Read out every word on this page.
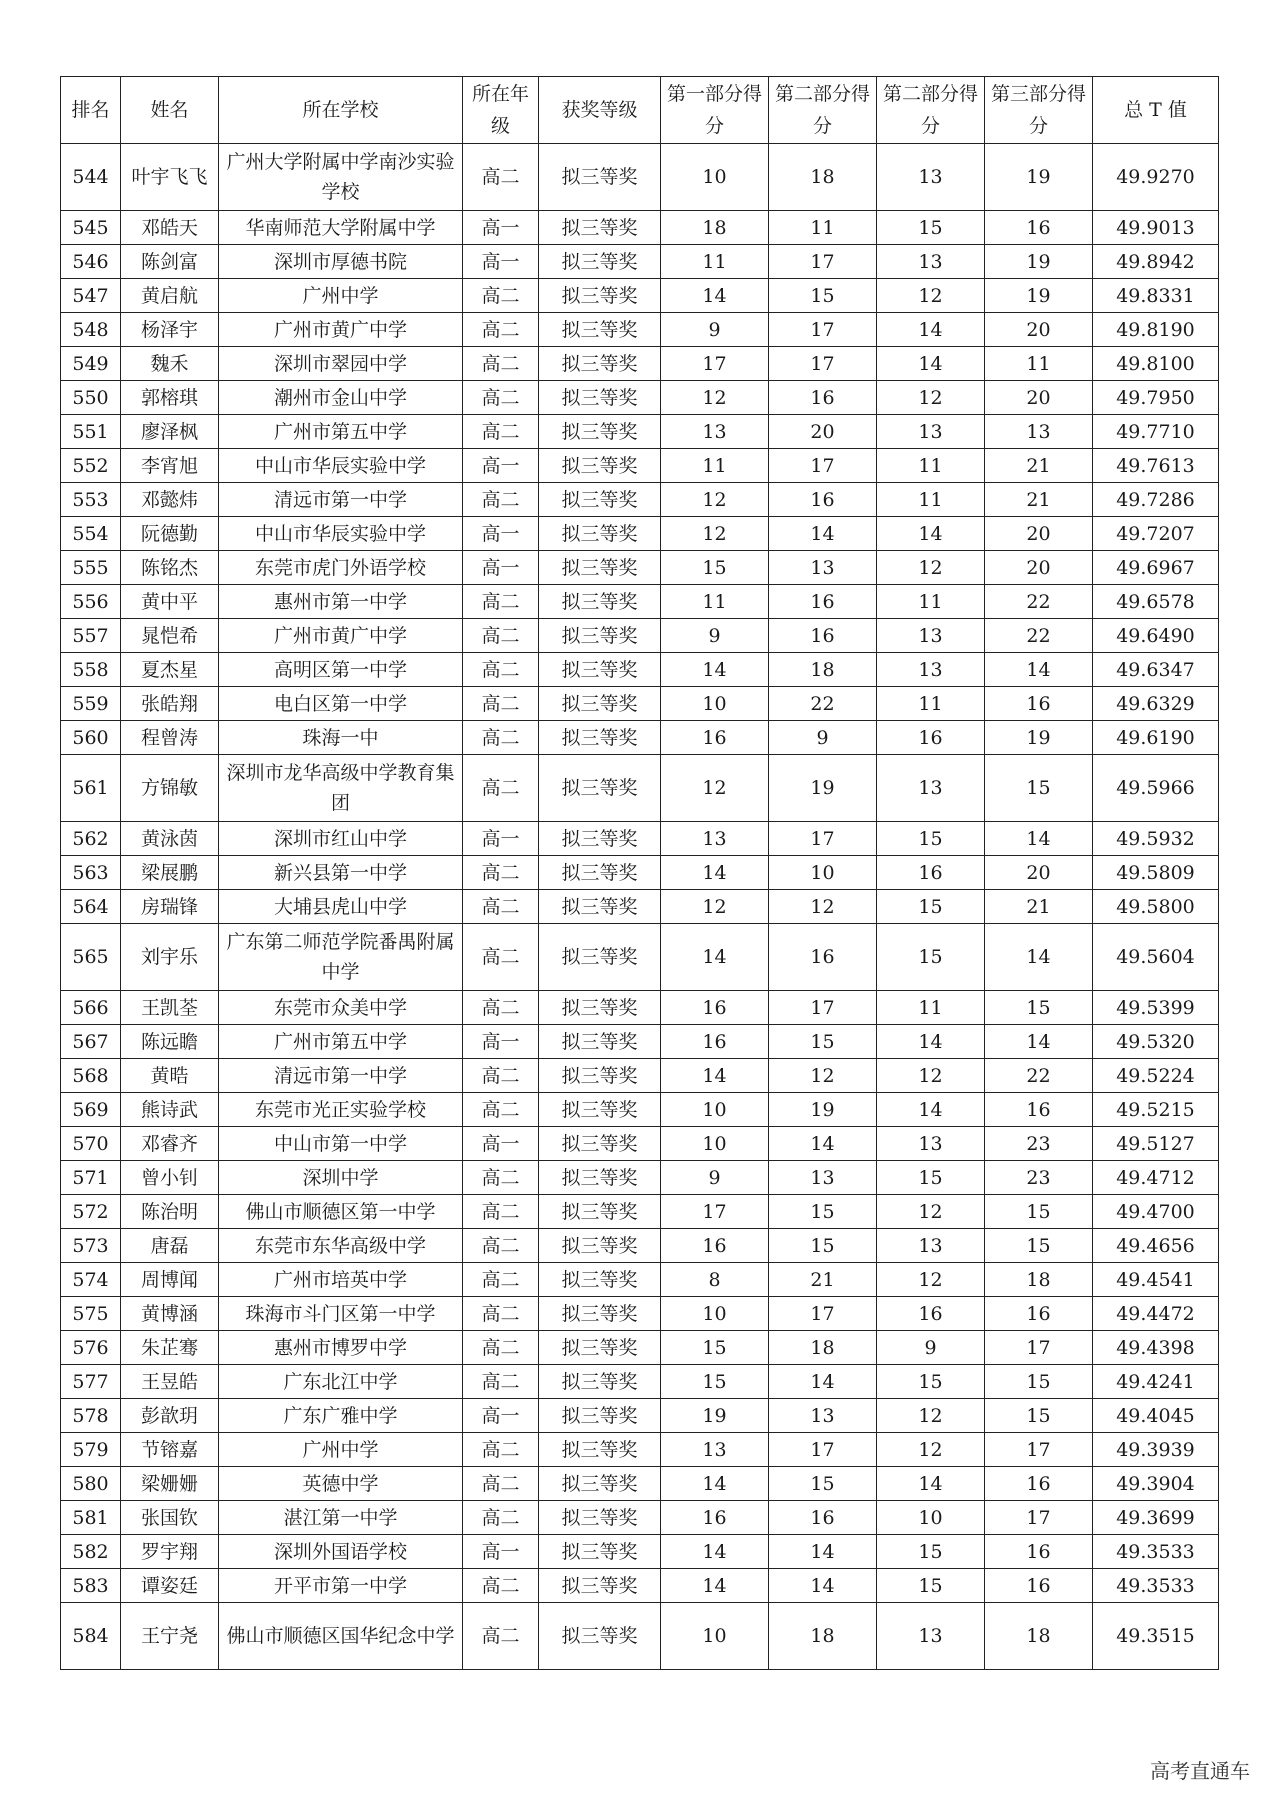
排名	姓名	所在学校	所在年级	获奖等级	第一部分得分	第二部分得分	第二部分得分	第三部分得分	总 T 值
544	叶宇飞飞	广州大学附属中学南沙实验学校	高二	拟三等奖	10	18	13	19	49.9270
545	邓皓天	华南师范大学附属中学	高一	拟三等奖	18	11	15	16	49.9013
546	陈剑富	深圳市厚德书院	高一	拟三等奖	11	17	13	19	49.8942
547	黄启航	广州中学	高二	拟三等奖	14	15	12	19	49.8331
548	杨泽宇	广州市黄广中学	高二	拟三等奖	9	17	14	20	49.8190
549	魏禾	深圳市翠园中学	高二	拟三等奖	17	17	14	11	49.8100
550	郭榕琪	潮州市金山中学	高二	拟三等奖	12	16	12	20	49.7950
551	廖泽枫	广州市第五中学	高二	拟三等奖	13	20	13	13	49.7710
552	李宵旭	中山市华辰实验中学	高一	拟三等奖	11	17	11	21	49.7613
553	邓懿炜	清远市第一中学	高二	拟三等奖	12	16	11	21	49.7286
554	阮德勤	中山市华辰实验中学	高一	拟三等奖	12	14	14	20	49.7207
555	陈铭杰	东莞市虎门外语学校	高一	拟三等奖	15	13	12	20	49.6967
556	黄中平	惠州市第一中学	高二	拟三等奖	11	16	11	22	49.6578
557	晁恺希	广州市黄广中学	高二	拟三等奖	9	16	13	22	49.6490
558	夏杰星	高明区第一中学	高二	拟三等奖	14	18	13	14	49.6347
559	张皓翔	电白区第一中学	高二	拟三等奖	10	22	11	16	49.6329
560	程曾涛	珠海一中	高二	拟三等奖	16	9	16	19	49.6190
561	方锦敏	深圳市龙华高级中学教育集团	高二	拟三等奖	12	19	13	15	49.5966
562	黄泳茵	深圳市红山中学	高一	拟三等奖	13	17	15	14	49.5932
563	梁展鹏	新兴县第一中学	高二	拟三等奖	14	10	16	20	49.5809
564	房瑞锋	大埔县虎山中学	高二	拟三等奖	12	12	15	21	49.5800
565	刘宇乐	广东第二师范学院番禺附属中学	高二	拟三等奖	14	16	15	14	49.5604
566	王凯荃	东莞市众美中学	高二	拟三等奖	16	17	11	15	49.5399
567	陈远瞻	广州市第五中学	高一	拟三等奖	16	15	14	14	49.5320
568	黄晧	清远市第一中学	高二	拟三等奖	14	12	12	22	49.5224
569	熊诗武	东莞市光正实验学校	高二	拟三等奖	10	19	14	16	49.5215
570	邓睿齐	中山市第一中学	高一	拟三等奖	10	14	13	23	49.5127
571	曾小钊	深圳中学	高二	拟三等奖	9	13	15	23	49.4712
572	陈治明	佛山市顺德区第一中学	高二	拟三等奖	17	15	12	15	49.4700
573	唐磊	东莞市东华高级中学	高二	拟三等奖	16	15	13	15	49.4656
574	周博闻	广州市培英中学	高二	拟三等奖	8	21	12	18	49.4541
575	黄博涵	珠海市斗门区第一中学	高二	拟三等奖	10	17	16	16	49.4472
576	朱芷骞	惠州市博罗中学	高二	拟三等奖	15	18	9	17	49.4398
577	王昱皓	广东北江中学	高二	拟三等奖	15	14	15	15	49.4241
578	彭歆玥	广东广雅中学	高一	拟三等奖	19	13	12	15	49.4045
579	节镕嘉	广州中学	高二	拟三等奖	13	17	12	17	49.3939
580	梁姗姗	英德中学	高二	拟三等奖	14	15	14	16	49.3904
581	张国钦	湛江第一中学	高二	拟三等奖	16	16	10	17	49.3699
582	罗宇翔	深圳外国语学校	高一	拟三等奖	14	14	15	16	49.3533
583	谭姿廷	开平市第一中学	高二	拟三等奖	14	14	15	16	49.3533
584	王宁尧	佛山市顺德区国华纪念中学	高二	拟三等奖	10	18	13	18	49.3515
高考直通车
